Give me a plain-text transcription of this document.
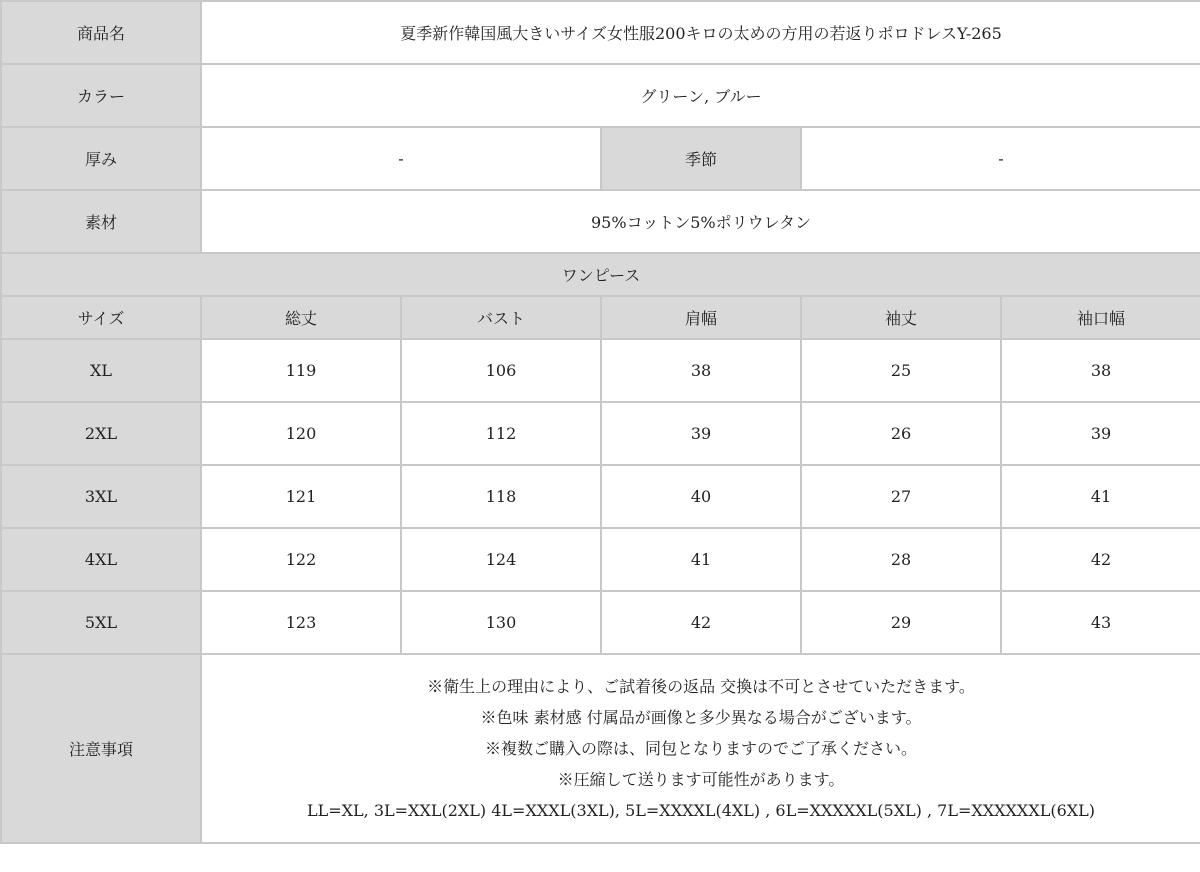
商品名	夏季新作韓国風大きいサイズ女性服200キロの太めの方用の若返りポロドレスY-265				
カラー	グリーン, ブルー				
厚み	-		季節	-	
素材	95%コットン5%ポリウレタン				
ワンピース					
サイズ	総丈	バスト	肩幅	袖丈	袖口幅
XL	119	106	38	25	38
2XL	120	112	39	26	39
3XL	121	118	40	27	41
4XL	122	124	41	28	42
5XL	123	130	42	29	43
注意事項	※衛生上の理由により、ご試着後の返品 交換は不可とさせていただきます。
※色味 素材感 付属品が画像と多少異なる場合がございます。
※複数ご購入の際は、同包となりますのでご了承ください。
※圧縮して送ります可能性があります。
LL=XL, 3L=XXL(2XL) 4L=XXXL(3XL), 5L=XXXXL(4XL) , 6L=XXXXXL(5XL) , 7L=XXXXXXL(6XL)				
